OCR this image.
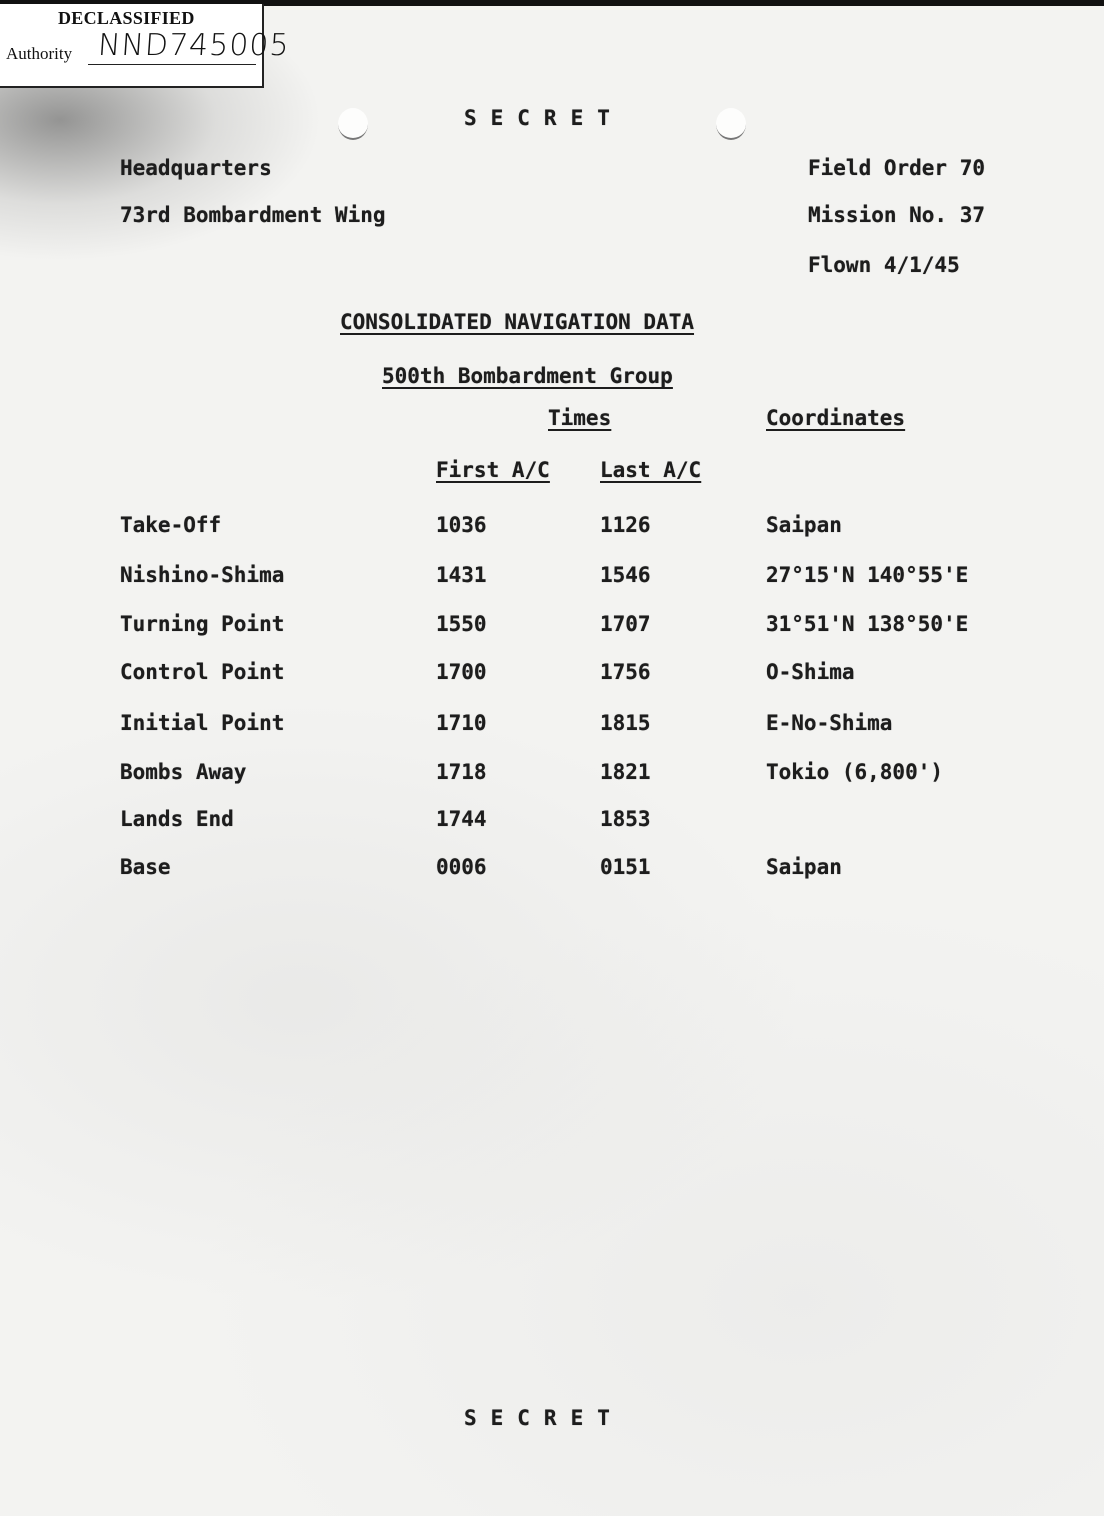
DECLASSIFIED
Authority NND745005
SECRET
Headquarters
73rd Bombardment Wing
Field Order 70
Mission No. 37
Flown 4/1/45
CONSOLIDATED NAVIGATION DATA
500th Bombardment Group
Times	Coordinates
First A/C Last A/C
Take-Off	1036	1126	Saipan
Nishino-Shima	1431	1546	27°15'N 140°55'E
Turning Point	1550	1707	31°51'N 138°50'E
Control Point	1700	1756	O-Shima
Initial Point	1710	1815	E-No-Shima
Bombs Away	1718	1821	Tokio (6,800')
Lands End	1744	1853
Base	0006	0151	Saipan
SECRET
